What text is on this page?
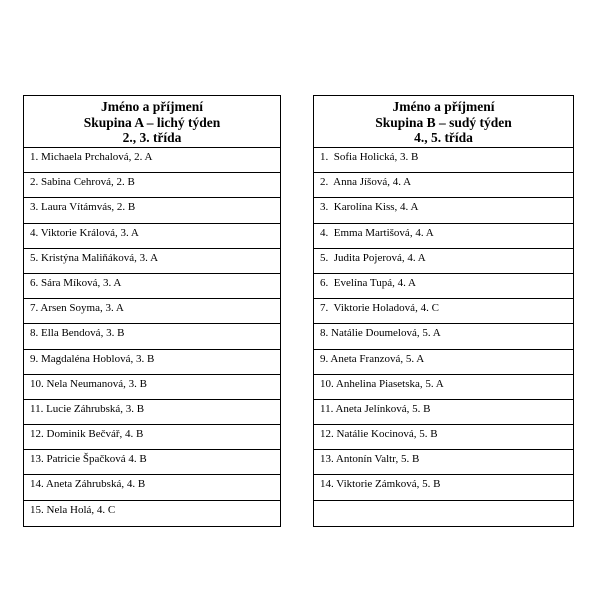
Jméno a příjmení
Skupina A – lichý týden
2., 3. třída

1. Michaela Prchalová, 2. A
2. Sabina Cehrová, 2. B
3. Laura Vítámvás, 2. B
4. Viktorie Králová, 3. A
5. Kristýna Maliňáková, 3. A
6. Sára Míková, 3. A
7. Arsen Soyma, 3. A
8. Ella Bendová, 3. B
9. Magdaléna Hoblová, 3. B
10. Nela Neumanová, 3. B
11. Lucie Záhrubská, 3. B
12. Dominik Bečvář, 4. B
13. Patricie Špačková 4. B
14. Aneta Záhrubská, 4. B
15. Nela Holá, 4. C
Jméno a příjmení
Skupina B – sudý týden
4., 5. třída

1.  Sofia Holická, 3. B
2.  Anna Jíšová, 4. A
3.  Karolína Kiss, 4. A
4.  Emma Martišová, 4. A
5.  Judita Pojerová, 4. A
6.  Evelína Tupá, 4. A
7.  Viktorie Holadová, 4. C
8. Natálie Doumelová, 5. A
9. Aneta Franzová, 5. A
10. Anhelina Piasetska, 5. A
11. Aneta Jelínková, 5. B
12. Natálie Kocinová, 5. B
13. Antonín Valtr, 5. B
14. Viktorie Zámková, 5. B
